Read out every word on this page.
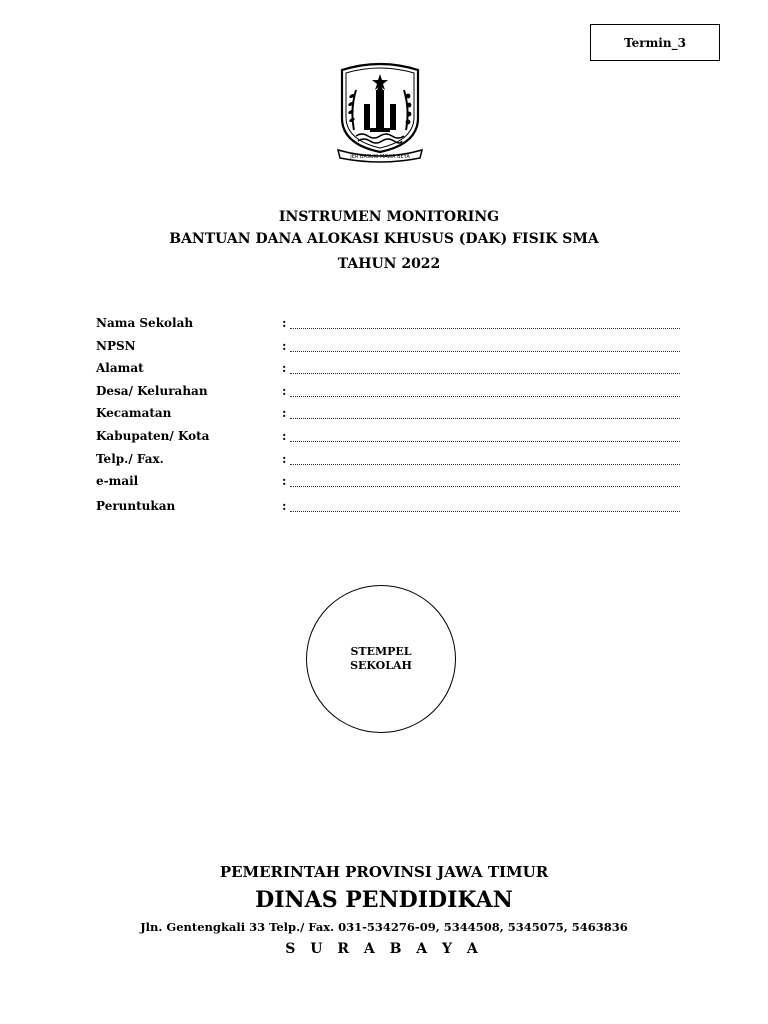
Termin_3
JER BASUKI MAWA BEYA
INSTRUMEN MONITORING
BANTUAN DANA ALOKASI KHUSUS (DAK) FISIK SMA
TAHUN 2022
Nama Sekolah	:
NPSN	:
Alamat	:
Desa/ Kelurahan	:
Kecamatan	:
Kabupaten/ Kota	:
Telp./ Fax.	:
e-mail	:
Peruntukan	:
STEMPEL
SEKOLAH
PEMERINTAH PROVINSI JAWA TIMUR
DINAS PENDIDIKAN
Jln. Gentengkali 33 Telp./ Fax. 031-534276-09, 5344508, 5345075, 5463836
S U R A B A Y A
